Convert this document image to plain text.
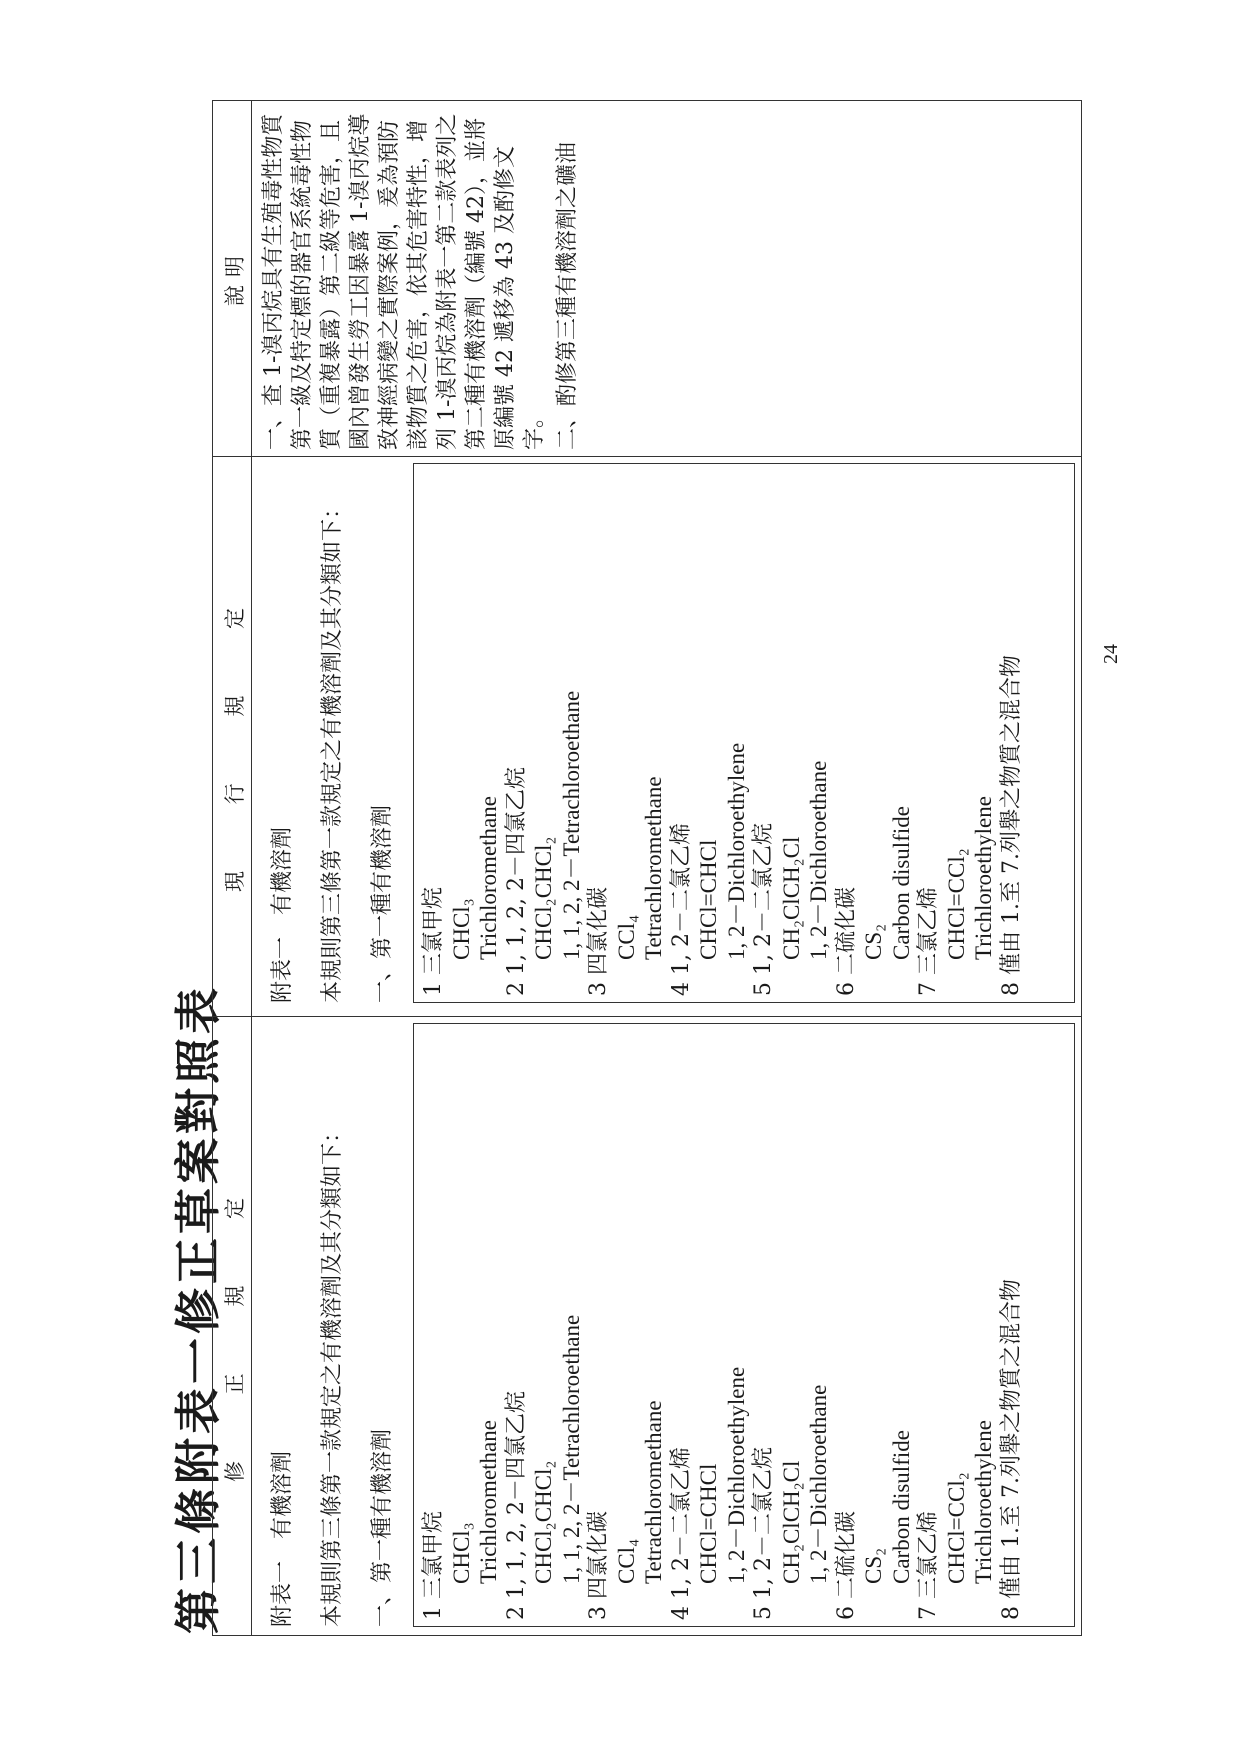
第三條附表一修正草案對照表
修 正 規 定
現 行 規 定
說明
附表一　有機溶劑 本規則第三條第一款規定之有機溶劑及其分類如下： 一、第一種有機溶劑 1 三氯甲烷 CHCl₃ Trichloromethane 2 1, 1, 2, 2－四氯乙烷 CHCl₂CHCl₂ 1, 1, 2, 2－Tetrachloroethane 3 四氯化碳 CCl₄ Tetrachloromethane 4 1, 2－二氯乙烯 CHCl=CHCl 1, 2－Dichloroethylene 5 1, 2－二氯乙烷 CH₂ClCH₂Cl 1, 2－Dichloroethane 6 二硫化碳 CS₂ Carbon disulfide 7 三氯乙烯 CHCl=CCl₂ Trichloroethylene 8 僅由 1.至 7.列舉之物質之混合物
附表一　有機溶劑 本規則第三條第一款規定之有機溶劑及其分類如下： 一、第一種有機溶劑 1 三氯甲烷 CHCl₃ Trichloromethane 2 1, 1, 2, 2－四氯乙烷 CHCl₂CHCl₂ 1, 1, 2, 2－Tetrachloroethane 3 四氯化碳 CCl₄ Tetrachloromethane 4 1, 2－二氯乙烯 CHCl=CHCl 1, 2－Dichloroethylene 5 1, 2－二氯乙烷 CH₂ClCH₂Cl 1, 2－Dichloroethane 6 二硫化碳 CS₂ Carbon disulfide 7 三氯乙烯 CHCl=CCl₂ Trichloroethylene 8 僅由 1.至 7.列舉之物質之混合物
一、查 1-溴丙烷具有生殖毒性物質第一級及特定標的器官系統毒性物質（重複暴露）第二級等危害，且國內曾發生勞工因暴露 1-溴丙烷導致神經病變之實際案例，爰為預防該物質之危害，依其危害特性，增列 1-溴丙烷為附表一第二款表列之第二種有機溶劑（編號 42），並將原編號 42 遞移為 43 及酌修文字。 二、酌修第三種有機溶劑之礦油
24
